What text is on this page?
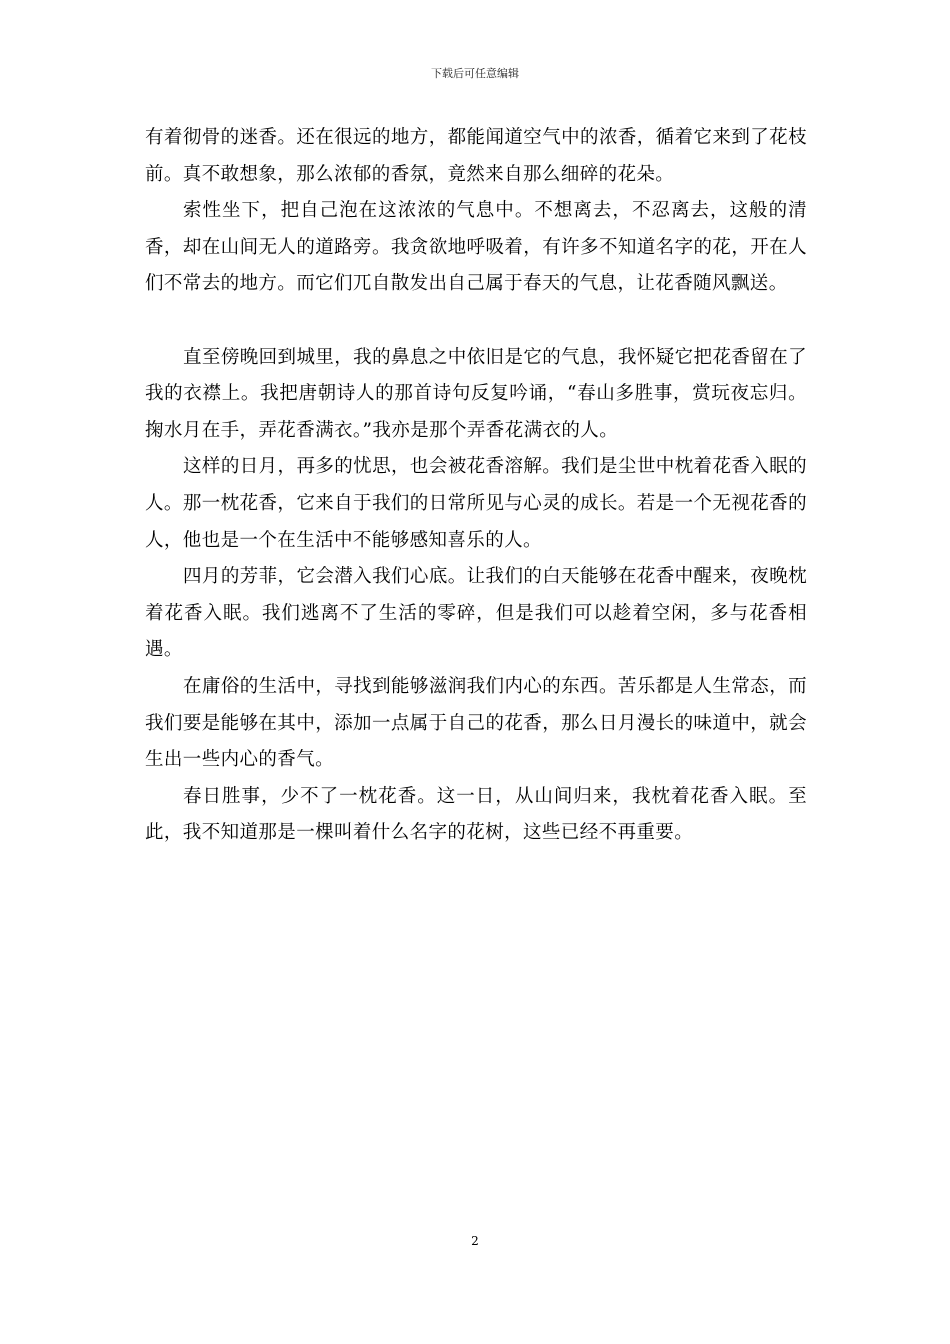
下载后可任意编辑

有着彻骨的迷香。还在很远的地方，都能闻道空气中的浓香，循着它来到了花枝前。真不敢想象，那么浓郁的香氛，竟然来自那么细碎的花朵。

索性坐下，把自己泡在这浓浓的气息中。不想离去，不忍离去，这般的清香，却在山间无人的道路旁。我贪欲地呼吸着，有许多不知道名字的花，开在人们不常去的地方。而它们兀自散发出自己属于春天的气息，让花香随风飘送。

直至傍晚回到城里，我的鼻息之中依旧是它的气息，我怀疑它把花香留在了我的衣襟上。我把唐朝诗人的那首诗句反复吟诵，“春山多胜事，赏玩夜忘归。掬水月在手，弄花香满衣。”我亦是那个弄香花满衣的人。

这样的日月，再多的忧思，也会被花香溶解。我们是尘世中枕着花香入眠的人。那一枕花香，它来自于我们的日常所见与心灵的成长。若是一个无视花香的人，他也是一个在生活中不能够感知喜乐的人。

四月的芳菲，它会潜入我们心底。让我们的白天能够在花香中醒来，夜晚枕着花香入眠。我们逃离不了生活的零碎，但是我们可以趁着空闲，多与花香相遇。

在庸俗的生活中，寻找到能够滋润我们内心的东西。苦乐都是人生常态，而我们要是能够在其中，添加一点属于自己的花香，那么日月漫长的味道中，就会生出一些内心的香气。

春日胜事，少不了一枕花香。这一日，从山间归来，我枕着花香入眠。至此，我不知道那是一棵叫着什么名字的花树，这些已经不再重要。

2
